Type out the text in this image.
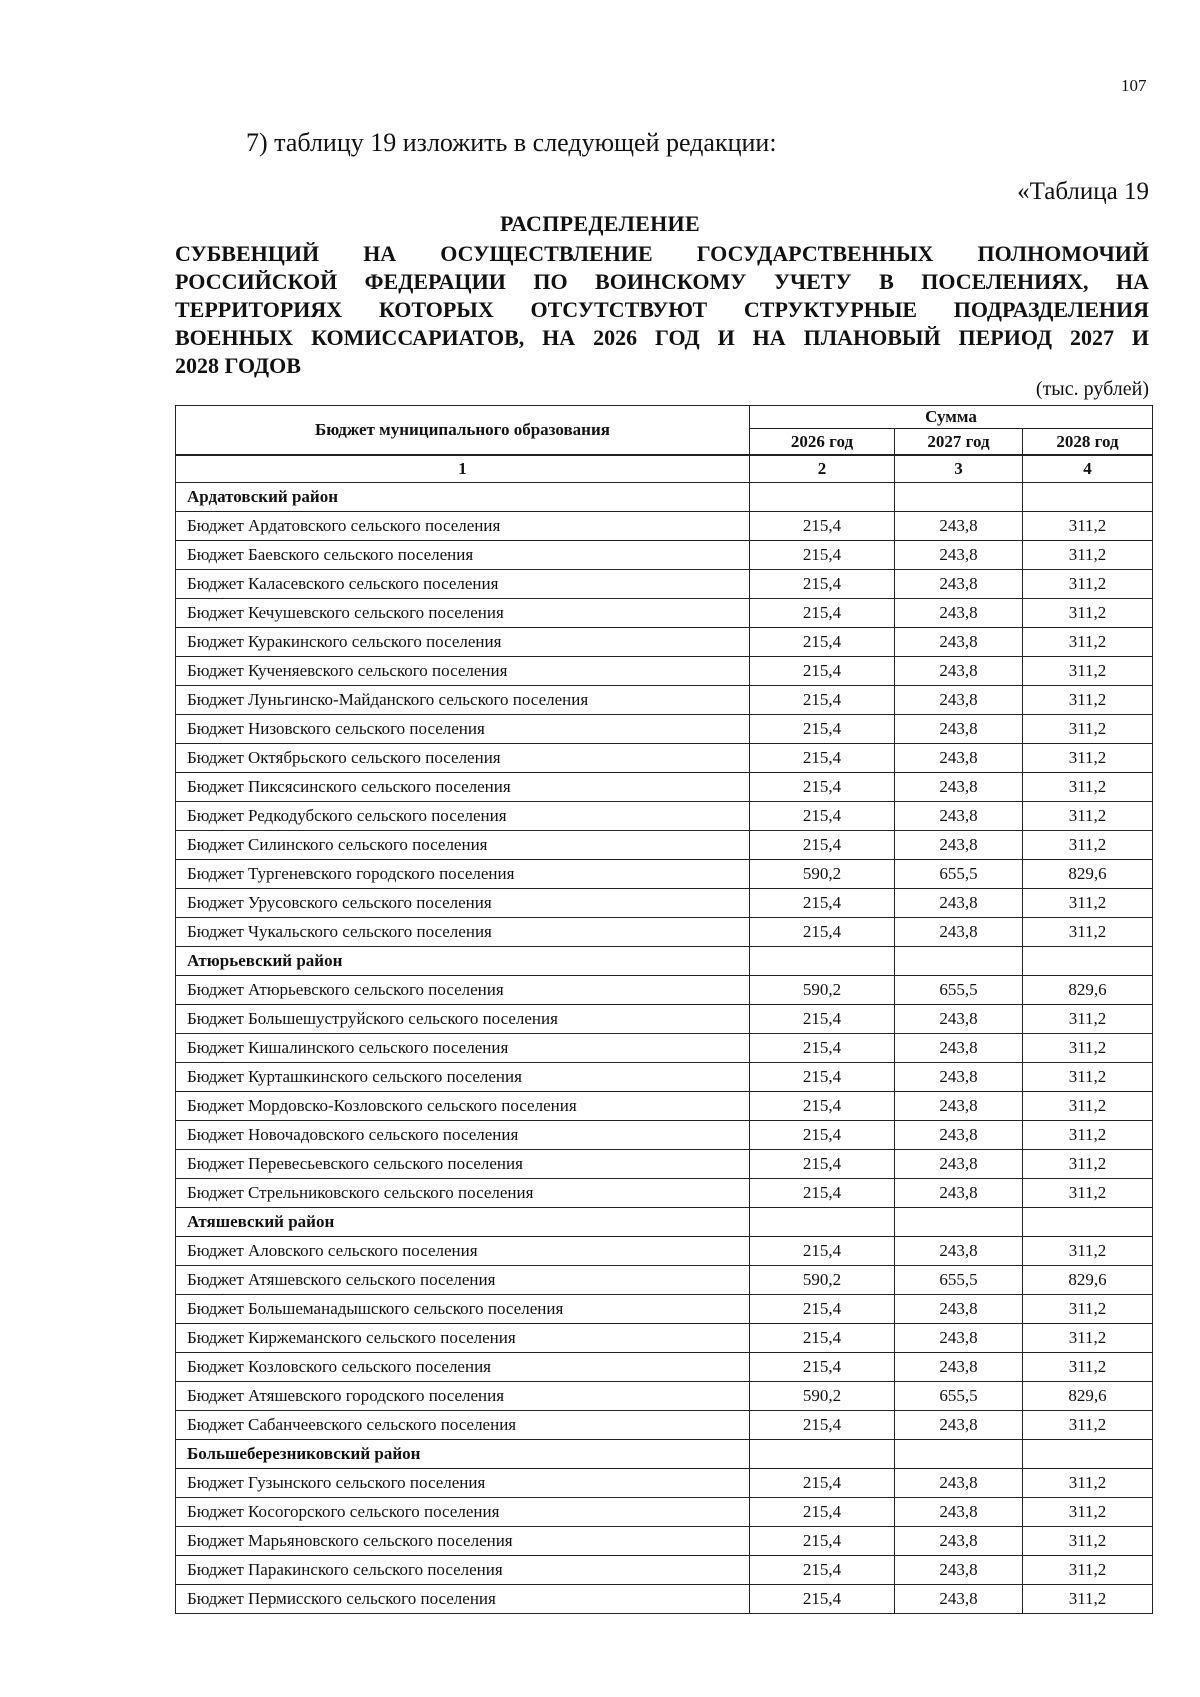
107
7) таблицу 19 изложить в следующей редакции:
«Таблица 19
РАСПРЕДЕЛЕНИЕ
СУБВЕНЦИЙ НА ОСУЩЕСТВЛЕНИЕ ГОСУДАРСТВЕННЫХ ПОЛНОМОЧИЙ
РОССИЙСКОЙ ФЕДЕРАЦИИ ПО ВОИНСКОМУ УЧЕТУ В ПОСЕЛЕНИЯХ, НА
ТЕРРИТОРИЯХ КОТОРЫХ ОТСУТСТВУЮТ СТРУКТУРНЫЕ ПОДРАЗДЕЛЕНИЯ
ВОЕННЫХ КОМИССАРИАТОВ, НА 2026 ГОД И НА ПЛАНОВЫЙ ПЕРИОД 2027 И
2028 ГОДОВ
(тыс. рублей)
Бюджет муниципального образования	Сумма		
	2026 год	2027 год	2028 год
1	2	3	4
Ардатовский район			
Бюджет Ардатовского сельского поселения	215,4	243,8	311,2
Бюджет Баевского сельского поселения	215,4	243,8	311,2
Бюджет Каласевского сельского поселения	215,4	243,8	311,2
Бюджет Кечушевского сельского поселения	215,4	243,8	311,2
Бюджет Куракинского сельского поселения	215,4	243,8	311,2
Бюджет Кученяевского сельского поселения	215,4	243,8	311,2
Бюджет Луньгинско-Майданского сельского поселения	215,4	243,8	311,2
Бюджет Низовского сельского поселения	215,4	243,8	311,2
Бюджет Октябрьского сельского поселения	215,4	243,8	311,2
Бюджет Пиксясинского сельского поселения	215,4	243,8	311,2
Бюджет Редкодубского сельского поселения	215,4	243,8	311,2
Бюджет Силинского сельского поселения	215,4	243,8	311,2
Бюджет Тургеневского городского поселения	590,2	655,5	829,6
Бюджет Урусовского сельского поселения	215,4	243,8	311,2
Бюджет Чукальского сельского поселения	215,4	243,8	311,2
Атюрьевский район			
Бюджет Атюрьевского сельского поселения	590,2	655,5	829,6
Бюджет Большешуструйского сельского поселения	215,4	243,8	311,2
Бюджет Кишалинского сельского поселения	215,4	243,8	311,2
Бюджет Курташкинского сельского поселения	215,4	243,8	311,2
Бюджет Мордовско-Козловского сельского поселения	215,4	243,8	311,2
Бюджет Новочадовского сельского поселения	215,4	243,8	311,2
Бюджет Перевесьевского сельского поселения	215,4	243,8	311,2
Бюджет Стрельниковского сельского поселения	215,4	243,8	311,2
Атяшевский район			
Бюджет Аловского сельского поселения	215,4	243,8	311,2
Бюджет Атяшевского сельского поселения	590,2	655,5	829,6
Бюджет Большеманадышского сельского поселения	215,4	243,8	311,2
Бюджет Киржеманского сельского поселения	215,4	243,8	311,2
Бюджет Козловского сельского поселения	215,4	243,8	311,2
Бюджет Атяшевского городского поселения	590,2	655,5	829,6
Бюджет Сабанчеевского сельского поселения	215,4	243,8	311,2
Большеберезниковский район			
Бюджет Гузынского сельского поселения	215,4	243,8	311,2
Бюджет Косогорского сельского поселения	215,4	243,8	311,2
Бюджет Марьяновского сельского поселения	215,4	243,8	311,2
Бюджет Паракинского сельского поселения	215,4	243,8	311,2
Бюджет Пермисского сельского поселения	215,4	243,8	311,2
